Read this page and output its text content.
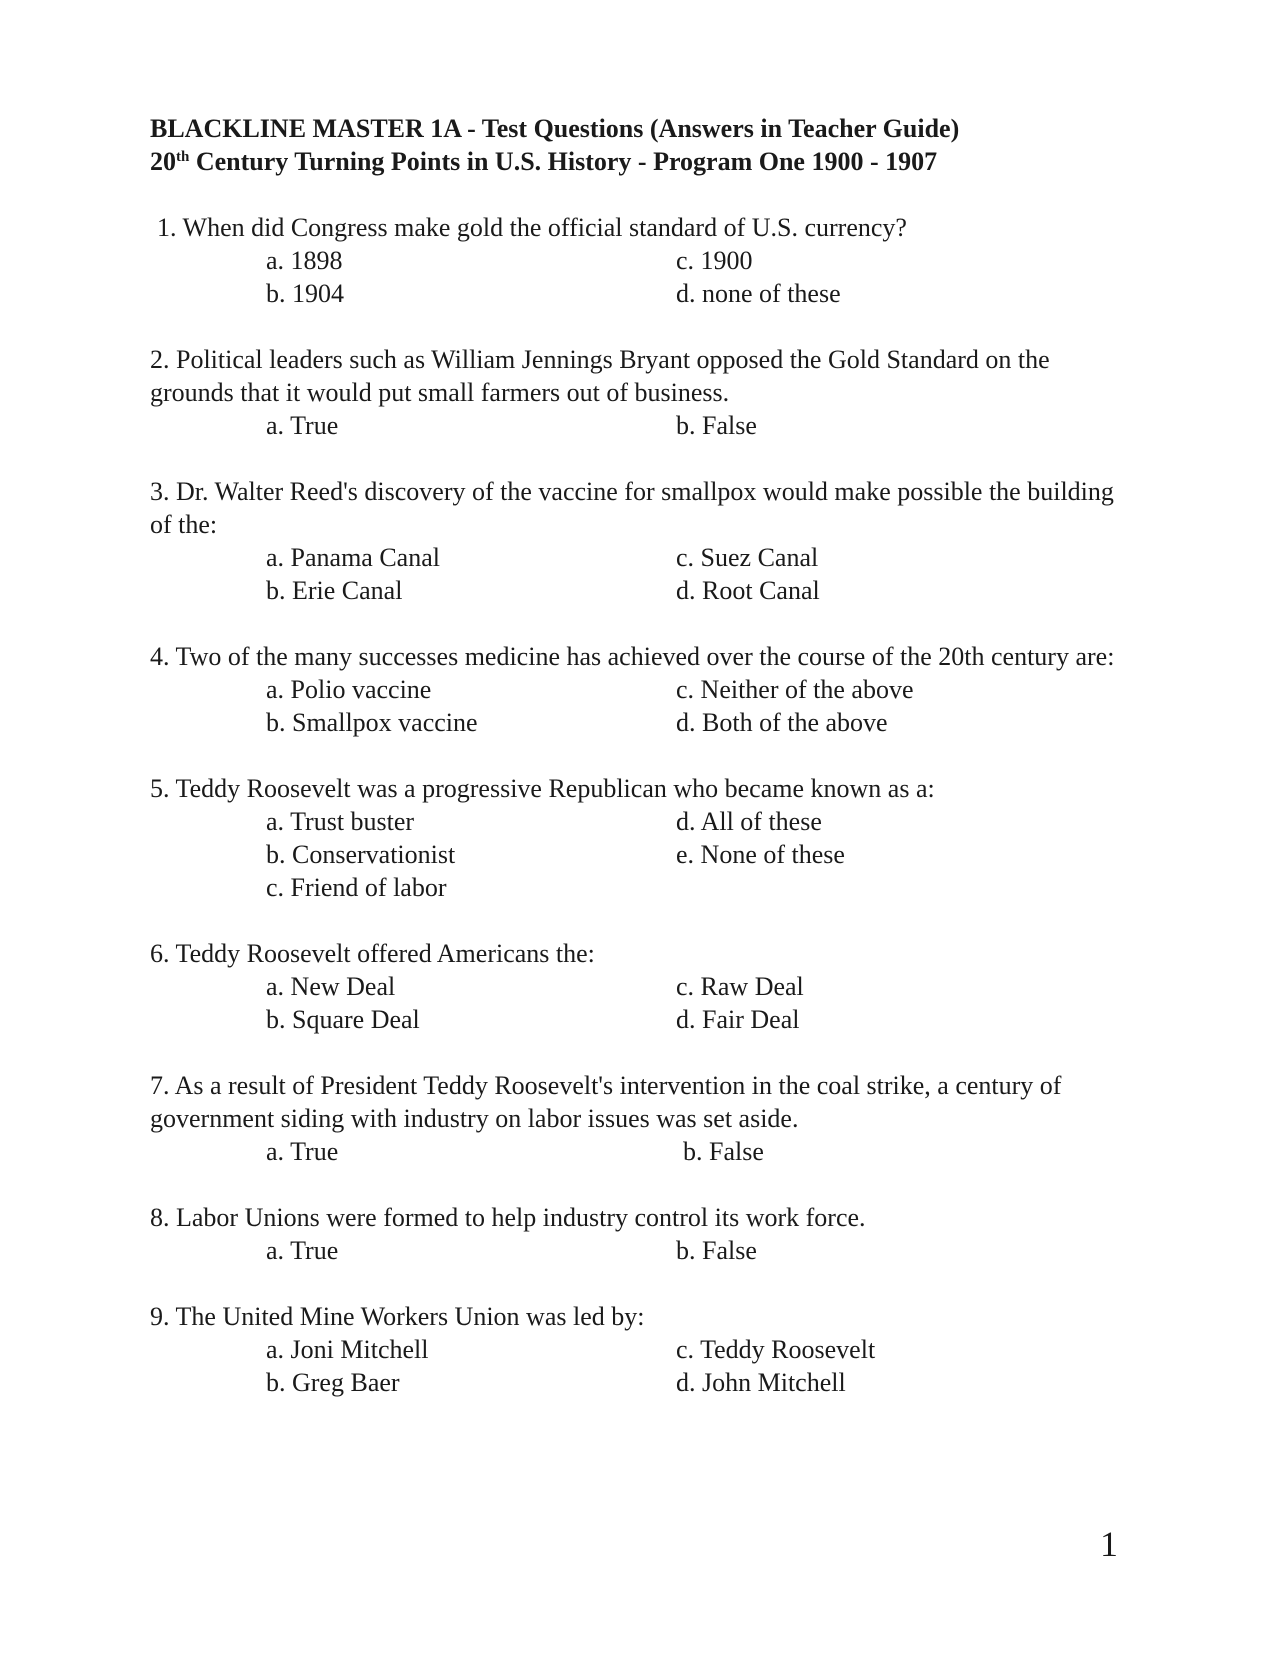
BLACKLINE MASTER 1A - Test Questions (Answers in Teacher Guide)
20th Century Turning Points in U.S. History - Program One 1900 - 1907
1. When did Congress make gold the official standard of U.S. currency?
a. 1898	c. 1900
b. 1904	d. none of these
2. Political leaders such as William Jennings Bryant opposed the Gold Standard on the grounds that it would put small farmers out of business.
a. True	b. False
3. Dr. Walter Reed's discovery of the vaccine for smallpox would make possible the building of the:
a. Panama Canal	c. Suez Canal
b. Erie Canal	d. Root Canal
4. Two of the many successes medicine has achieved over the course of the 20th century are:
a. Polio vaccine	c. Neither of the above
b. Smallpox vaccine	d. Both of the above
5. Teddy Roosevelt was a progressive Republican who became known as a:
a. Trust buster	d. All of these
b. Conservationist	e. None of these
c. Friend of labor
6. Teddy Roosevelt offered Americans the:
a. New Deal	c. Raw Deal
b. Square Deal	d. Fair Deal
7. As a result of President Teddy Roosevelt's intervention in the coal strike, a century of government siding with industry on labor issues was set aside.
a. True	b. False
8. Labor Unions were formed to help industry control its work force.
a. True	b. False
9. The United Mine Workers Union was led by:
a. Joni Mitchell	c. Teddy Roosevelt
b. Greg Baer	d. John Mitchell
1
